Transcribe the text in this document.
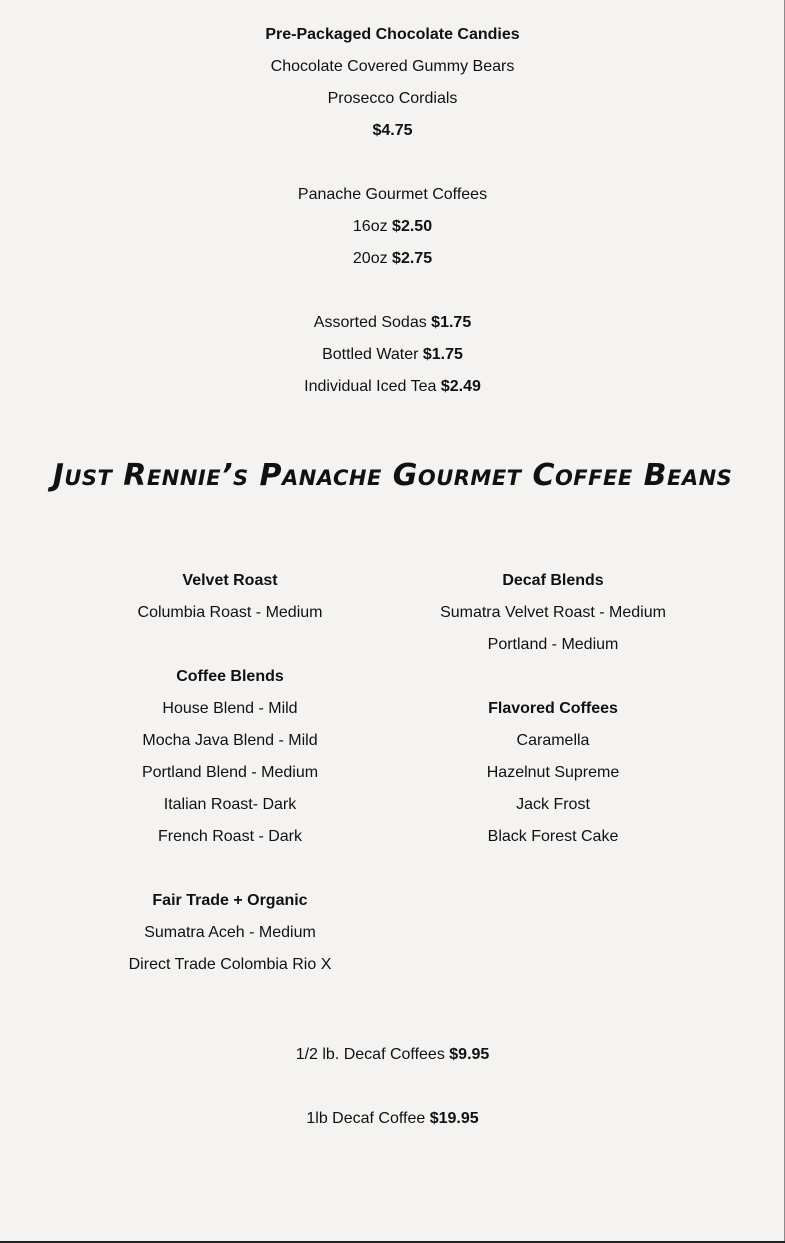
Pre-Packaged Chocolate Candies
Chocolate Covered Gummy Bears
Prosecco Cordials
$4.75
Panache Gourmet Coffees
16oz $2.50
20oz $2.75
Assorted Sodas $1.75
Bottled Water $1.75
Individual Iced Tea $2.49
Just Rennie’s Panache Gourmet Coffee Beans
Velvet Roast
Columbia Roast - Medium
Coffee Blends
House Blend - Mild
Mocha Java Blend - Mild
Portland Blend - Medium
Italian Roast- Dark
French Roast - Dark
Fair Trade + Organic
Sumatra Aceh - Medium
Direct Trade Colombia Rio X
Decaf Blends
Sumatra Velvet Roast - Medium
Portland - Medium
Flavored Coffees
Caramella
Hazelnut Supreme
Jack Frost
Black Forest Cake
1/2 lb. Decaf Coffees $9.95
1lb Decaf Coffee $19.95
